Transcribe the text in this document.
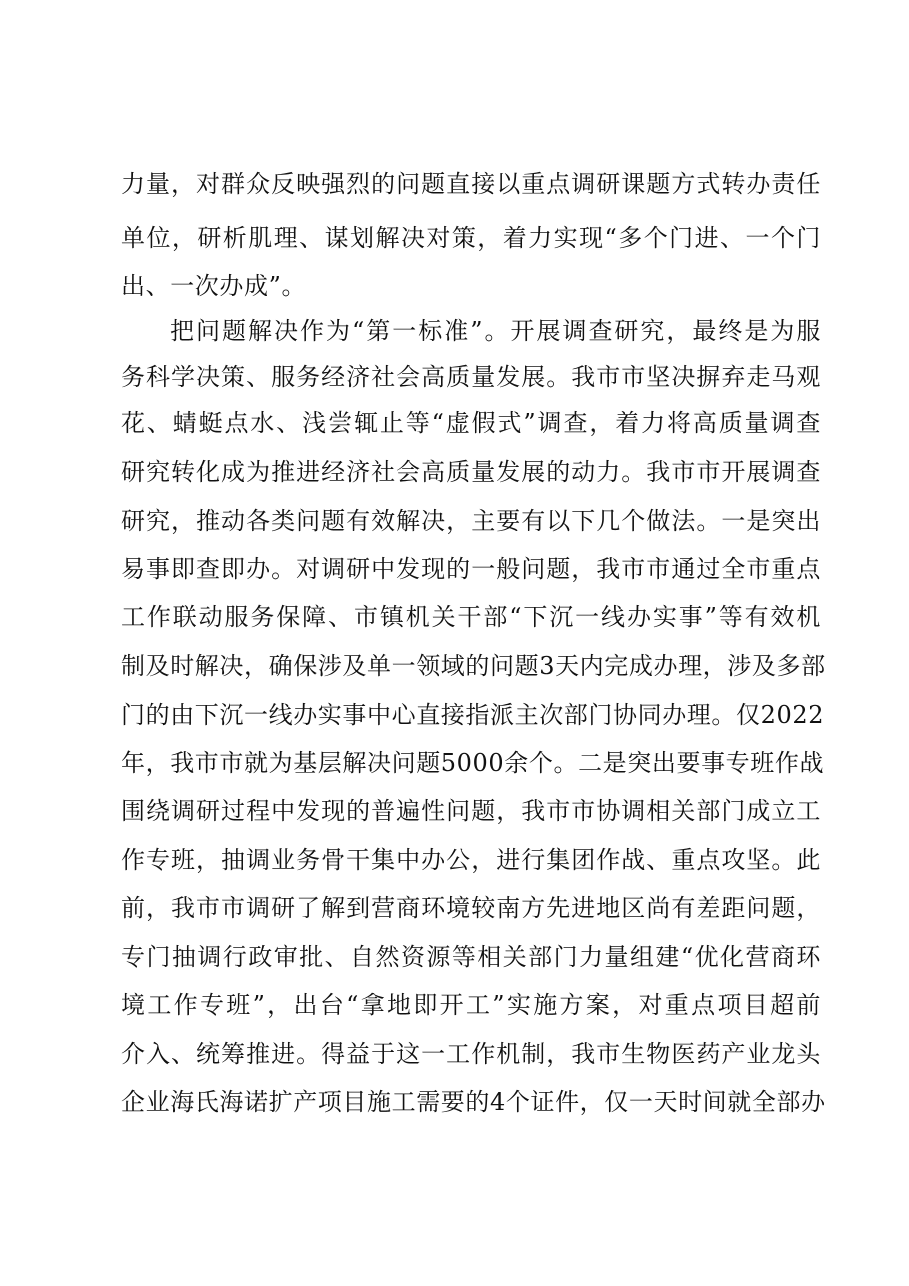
力量，对群众反映强烈的问题直接以重点调研课题方式转办责任
单位，研析肌理、谋划解决对策，着力实现“多个门进、一个门
出、一次办成”。
把问题解决作为“第一标准”。开展调查研究，最终是为服
务科学决策、服务经济社会高质量发展。我市市坚决摒弃走马观
花、蜻蜓点水、浅尝辄止等“虚假式”调查，着力将高质量调查
研究转化成为推进经济社会高质量发展的动力。我市市开展调查
研究，推动各类问题有效解决，主要有以下几个做法。一是突出
易事即查即办。对调研中发现的一般问题，我市市通过全市重点
工作联动服务保障、市镇机关干部“下沉一线办实事”等有效机
制及时解决，确保涉及单一领域的问题3天内完成办理，涉及多部
门的由下沉一线办实事中心直接指派主次部门协同办理。仅2022
年，我市市就为基层解决问题5000余个。二是突出要事专班作战
围绕调研过程中发现的普遍性问题，我市市协调相关部门成立工
作专班，抽调业务骨干集中办公，进行集团作战、重点攻坚。此
前，我市市调研了解到营商环境较南方先进地区尚有差距问题，
专门抽调行政审批、自然资源等相关部门力量组建“优化营商环
境工作专班”，出台“拿地即开工”实施方案，对重点项目超前
介入、统筹推进。得益于这一工作机制，我市生物医药产业龙头
企业海氏海诺扩产项目施工需要的4个证件，仅一天时间就全部办
